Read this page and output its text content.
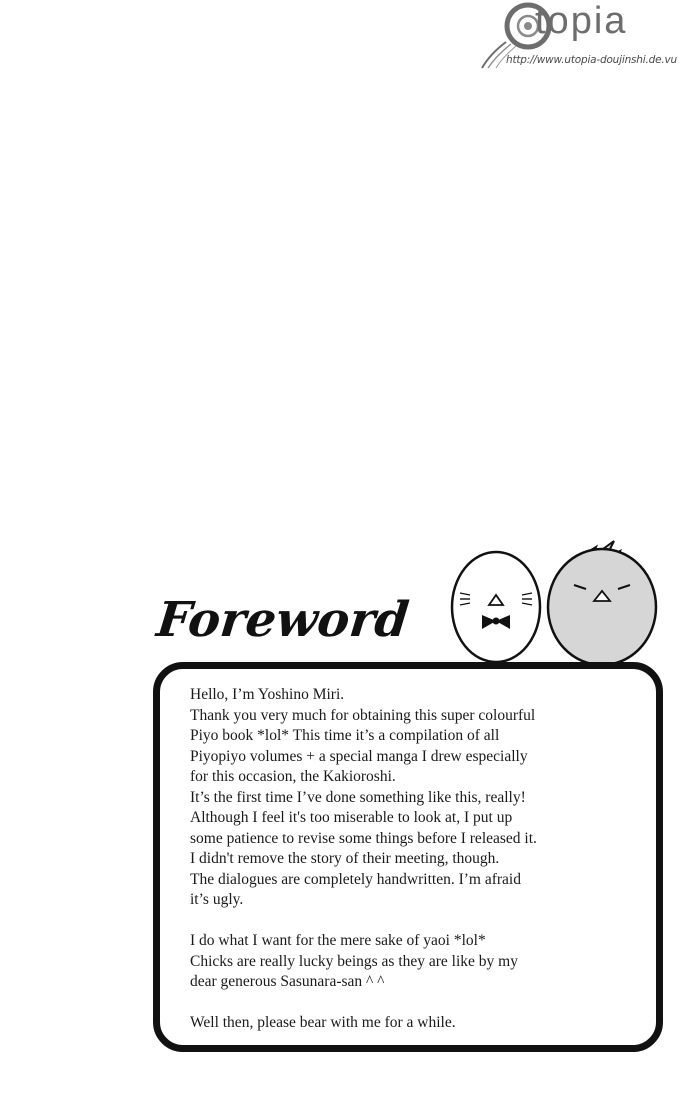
topia
http://www.utopia-doujinshi.de.vu
Foreword

Hello, I’m Yoshino Miri.

Thank you very much for obtaining this super colourful

Piyo book *lol* This time it’s a compilation of all

Piyopiyo volumes + a special manga I drew especially

for this occasion, the Kakioroshi.

It’s the first time I’ve done something like this, really!

Although I feel it's too miserable to look at, I put up

some patience to revise some things before I released it.

I didn't remove the story of their meeting, though.

The dialogues are completely handwritten. I’m afraid

it’s ugly.

I do what I want for the mere sake of yaoi *lol*

Chicks are really lucky beings as they are like by my

dear generous Sasunara-san ^ ^

Well then, please bear with me for a while.
